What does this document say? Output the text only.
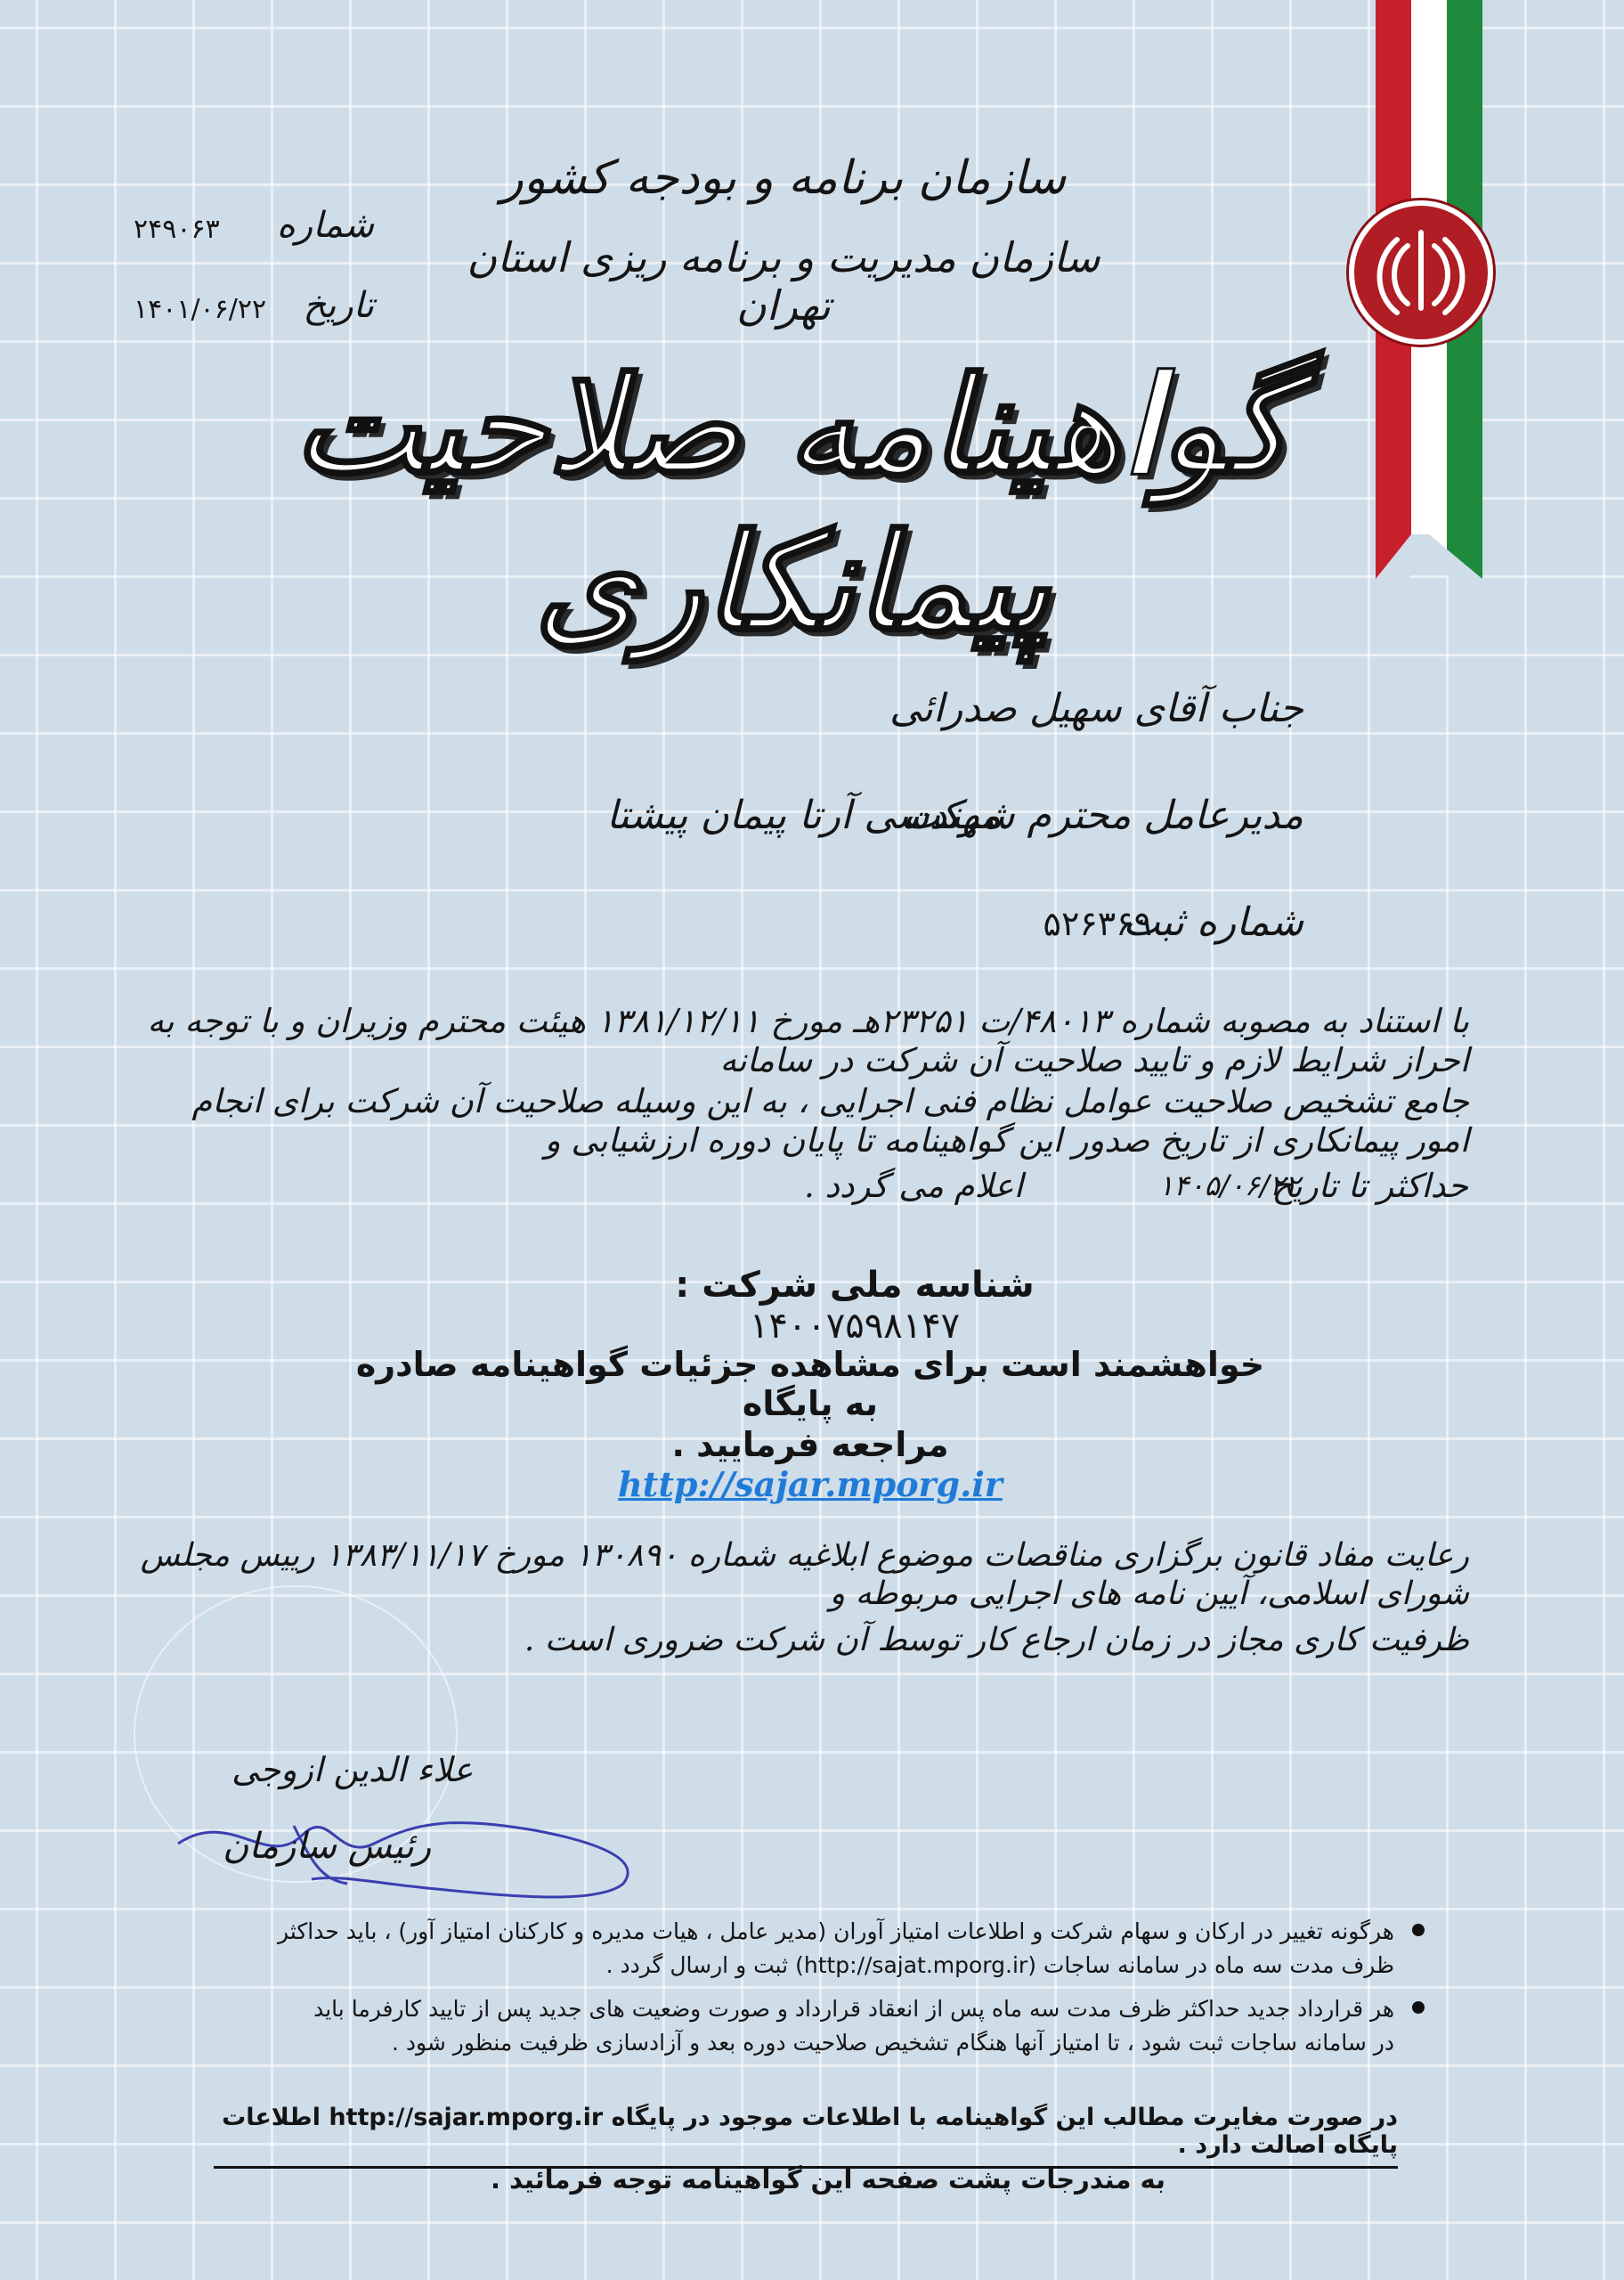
سازمان برنامه و بودجه کشور
سازمان مدیریت و برنامه ریزی استان تهران
شماره
۲۴۹۰۶۳
تاریخ
۱۴۰۱/۰۶/۲۲
گواهینامه صلاحیت پیمانکاری
جناب آقای سهیل صدرائی
مدیرعامل محترم شرکت
مهندسی آرتا پیمان پیشتا
شماره ثبت
۵۲۶۳۶۹
با استناد به مصوبه شماره ۴۸۰۱۳/ت ۲۳۲۵۱هـ مورخ ۱۳۸۱/۱۲/۱۱ هیئت محترم وزیران و با توجه به احراز شرایط لازم و تایید صلاحیت آن شرکت در سامانه
جامع تشخیص صلاحیت عوامل نظام فنی اجرایی ، به این وسیله صلاحیت آن شرکت برای انجام امور پیمانکاری از تاریخ صدور این گواهینامه تا پایان دوره ارزشیابی و
حداکثر تا تاریخ
۱۴۰۵/۰۶/۲۲
اعلام می گردد .
شناسه ملی شرکت : ۱۴۰۰۷۵۹۸۱۴۷
خواهشمند است برای مشاهده جزئیات گواهینامه صادره به پایگاه
مراجعه فرمایید . http://sajar.mporg.ir
رعایت مفاد قانون برگزاری مناقصات موضوع ابلاغیه شماره ۱۳۰۸۹۰ مورخ ۱۳۸۳/۱۱/۱۷ رییس مجلس شورای اسلامی، آیین نامه های اجرایی مربوطه و
ظرفیت کاری مجاز در زمان ارجاع کار توسط آن شرکت ضروری است .
علاء الدین ازوجی
رئیس سازمان
هرگونه تغییر در ارکان و سهام شرکت و اطلاعات امتیاز آوران (مدیر عامل ، هیات مدیره و کارکنان امتیاز آور) ، باید حداکثر
ظرف مدت سه ماه در سامانه ساجات (http://sajat.mporg.ir) ثبت و ارسال گردد .
هر قرارداد جدید حداکثر ظرف مدت سه ماه پس از انعقاد قرارداد و صورت وضعیت های جدید پس از تایید کارفرما باید
در سامانه ساجات ثبت شود ، تا امتیاز آنها هنگام تشخیص صلاحیت دوره بعد و آزادسازی ظرفیت منظور شود .
در صورت مغایرت مطالب این گواهینامه با اطلاعات موجود در پایگاه http://sajar.mporg.ir اطلاعات پایگاه اصالت دارد .
به مندرجات پشت صفحه این گواهینامه توجه فرمائید .
